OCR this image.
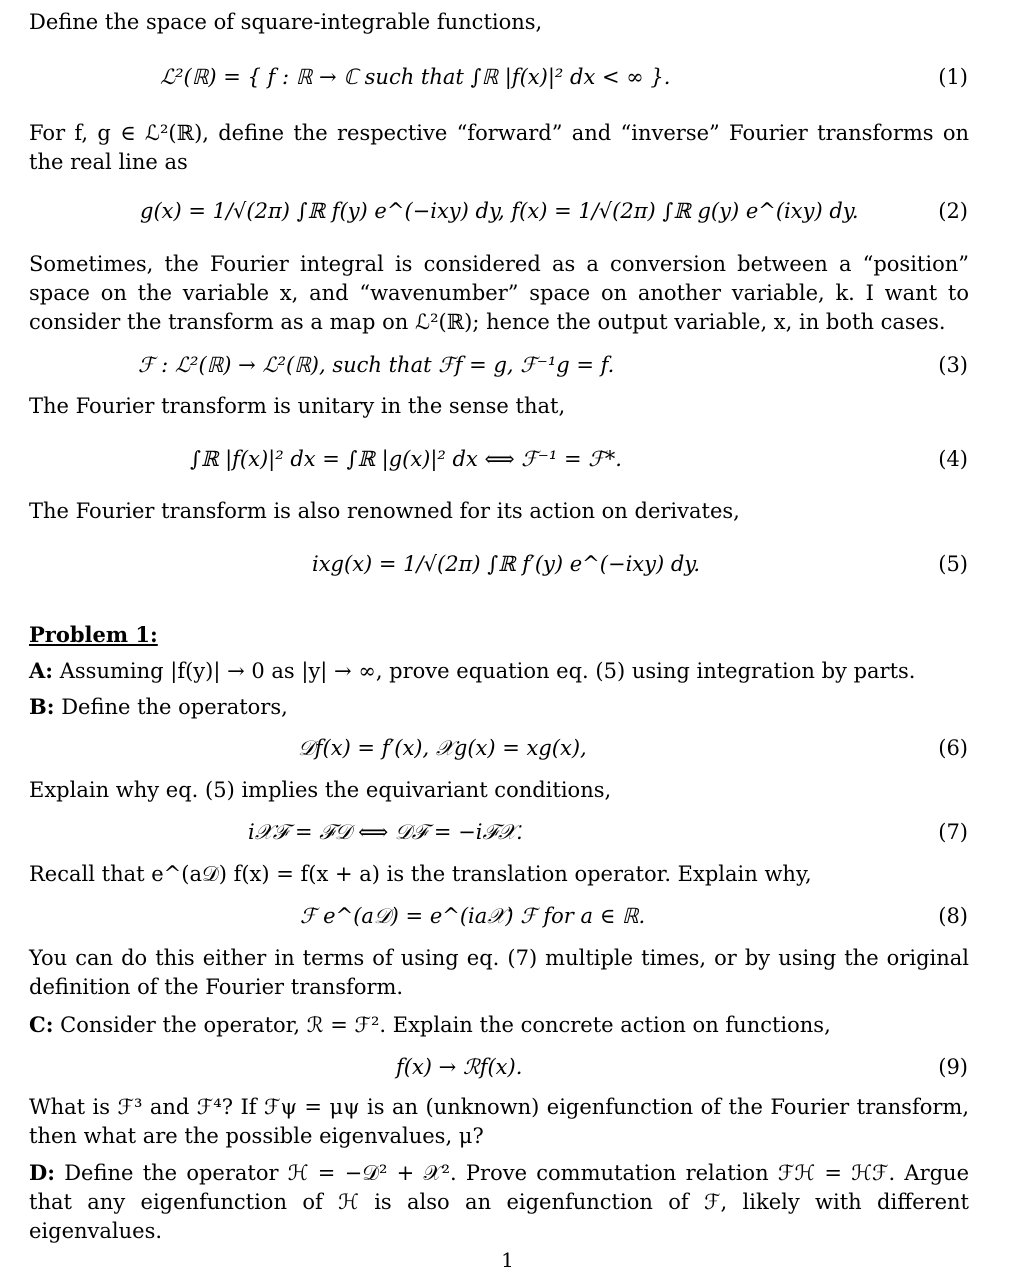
Define the space of square-integrable functions,
ℒ²(ℝ) = { f : ℝ → ℂ such that ∫ℝ |f(x)|² dx < ∞ }.	(1)
For f, g ∈ ℒ²(ℝ), define the respective “forward” and “inverse” Fourier transforms on the real line as
g(x) = 1/√(2π) ∫ℝ f(y) e^(−ixy) dy, f(x) = 1/√(2π) ∫ℝ g(y) e^(ixy) dy.	(2)
Sometimes, the Fourier integral is considered as a conversion between a “position” space on the variable x, and “wavenumber” space on another variable, k. I want to consider the transform as a map on ℒ²(ℝ); hence the output variable, x, in both cases.
ℱ : ℒ²(ℝ) → ℒ²(ℝ), such that ℱf = g, ℱ⁻¹g = f.	(3)
The Fourier transform is unitary in the sense that,
∫ℝ |f(x)|² dx = ∫ℝ |g(x)|² dx ⟺ ℱ⁻¹ = ℱ*.	(4)
The Fourier transform is also renowned for its action on derivates,
ixg(x) = 1/√(2π) ∫ℝ f′(y) e^(−ixy) dy.	(5)
Problem 1:
A: Assuming |f(y)| → 0 as |y| → ∞, prove equation eq. (5) using integration by parts.
B: Define the operators,
𝒟f(x) = f′(x), 𝒳g(x) = xg(x),	(6)
Explain why eq. (5) implies the equivariant conditions,
i𝒳ℱ = ℱ𝒟 ⟺ 𝒟ℱ = −iℱ𝒳.	(7)
Recall that e^(a𝒟) f(x) = f(x + a) is the translation operator. Explain why,
ℱ e^(a𝒟) = e^(ia𝒳) ℱ for a ∈ ℝ.	(8)
You can do this either in terms of using eq. (7) multiple times, or by using the original definition of the Fourier transform.
C: Consider the operator, ℛ = ℱ². Explain the concrete action on functions,
f(x) → ℛf(x).	(9)
What is ℱ³ and ℱ⁴? If ℱψ = μψ is an (unknown) eigenfunction of the Fourier transform, then what are the possible eigenvalues, μ?
D: Define the operator ℋ = −𝒟² + 𝒳². Prove commutation relation ℱℋ = ℋℱ. Argue that any eigenfunction of ℋ is also an eigenfunction of ℱ, likely with different eigenvalues.
1
